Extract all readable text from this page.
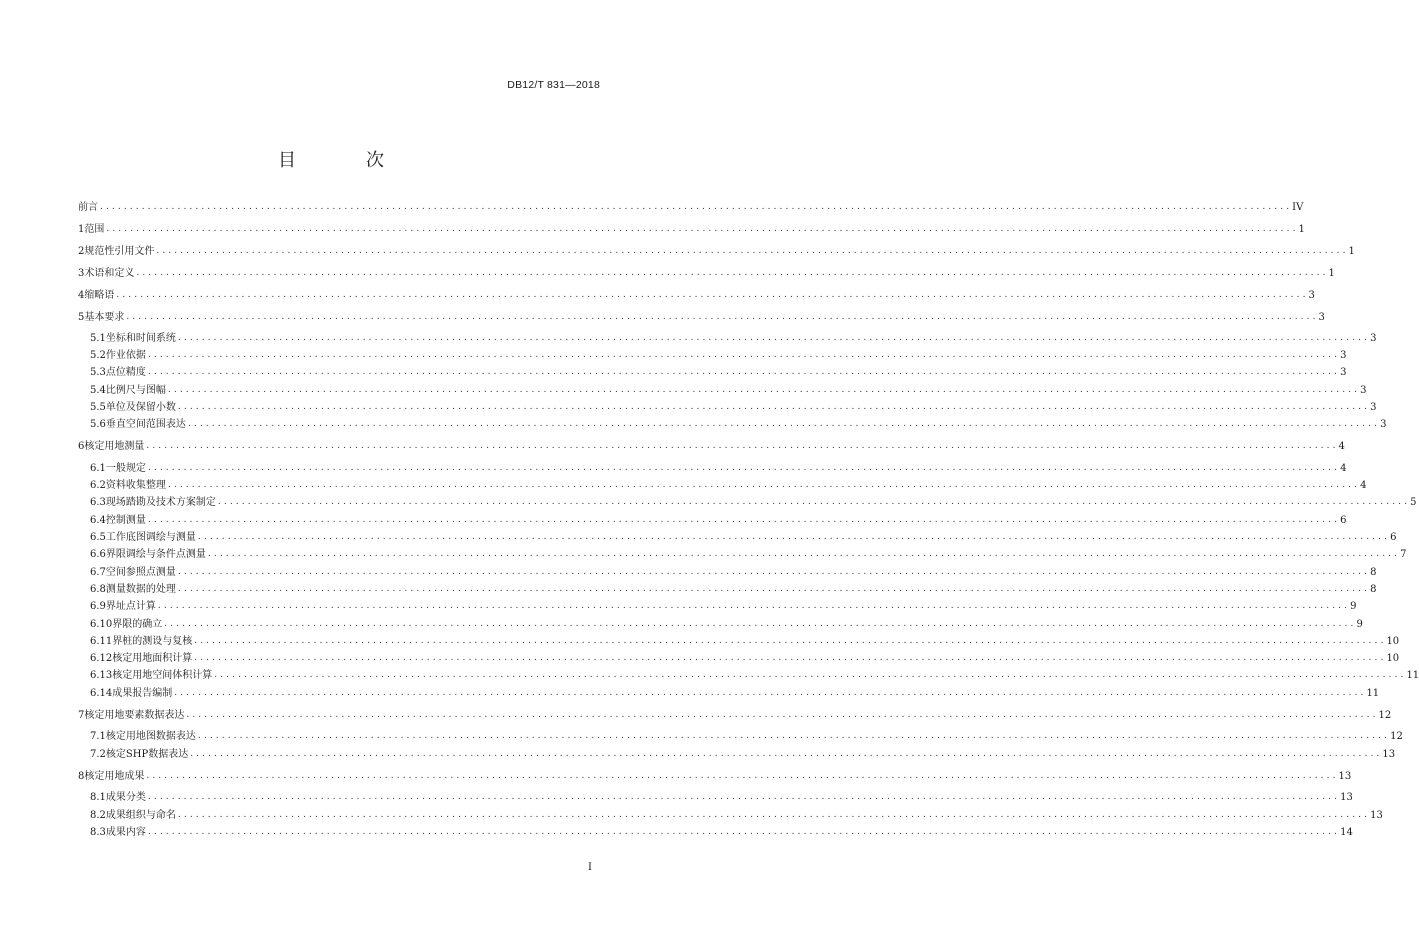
DB12/T 831—2018
目　次
前言 ........................................................................................................................................................................................................ IV
1 范围 ........................................................................................................................................................................................................ 1
2 规范性引用文件 ........................................................................................................................................................................................................ 1
3 术语和定义 ........................................................................................................................................................................................................ 1
4 缩略语 ........................................................................................................................................................................................................ 3
5 基本要求 ........................................................................................................................................................................................................ 3
5.1 坐标和时间系统 ........................................................................................................................................................................................................ 3
5.2 作业依据 ........................................................................................................................................................................................................ 3
5.3 点位精度 ........................................................................................................................................................................................................ 3
5.4 比例尺与图幅 ........................................................................................................................................................................................................ 3
5.5 单位及保留小数 ........................................................................................................................................................................................................ 3
5.6 垂直空间范围表达 ........................................................................................................................................................................................................ 3
6 核定用地测量 ........................................................................................................................................................................................................ 4
6.1 一般规定 ........................................................................................................................................................................................................ 4
6.2 资料收集整理 ........................................................................................................................................................................................................ 4
6.3 现场踏勘及技术方案制定 ........................................................................................................................................................................................................ 5
6.4 控制测量 ........................................................................................................................................................................................................ 6
6.5 工作底图调绘与测量 ........................................................................................................................................................................................................ 6
6.6 界限调绘与条件点测量 ........................................................................................................................................................................................................ 7
6.7 空间参照点测量 ........................................................................................................................................................................................................ 8
6.8 测量数据的处理 ........................................................................................................................................................................................................ 8
6.9 界址点计算 ........................................................................................................................................................................................................ 9
6.10 界限的确立 ........................................................................................................................................................................................................ 9
6.11 界桩的测设与复核 ........................................................................................................................................................................................................ 10
6.12 核定用地面积计算 ........................................................................................................................................................................................................ 10
6.13 核定用地空间体积计算 ........................................................................................................................................................................................................ 11
6.14 成果报告编制 ........................................................................................................................................................................................................ 11
7 核定用地要素数据表达 ........................................................................................................................................................................................................ 12
7.1 核定用地图数据表达 ........................................................................................................................................................................................................ 12
7.2 核定SHP数据表达 ........................................................................................................................................................................................................ 13
8 核定用地成果 ........................................................................................................................................................................................................ 13
8.1 成果分类 ........................................................................................................................................................................................................ 13
8.2 成果组织与命名 ........................................................................................................................................................................................................ 13
8.3 成果内容 ........................................................................................................................................................................................................ 14
I
